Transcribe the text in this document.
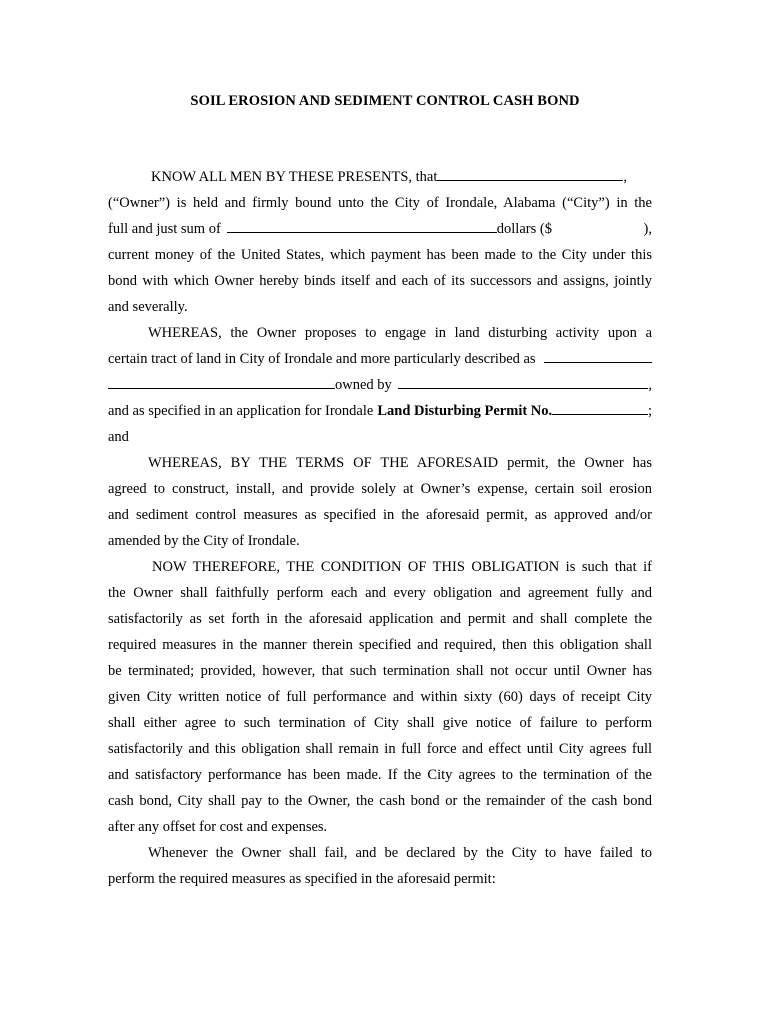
SOIL EROSION AND SEDIMENT CONTROL CASH BOND
KNOW ALL MEN BY THESE PRESENTS, that	,
(“Owner”) is held and firmly bound unto the City of Irondale, Alabama (“City”) in the
full and just sum of	dollars ($	),
current money of the United States, which payment has been made to the City under this
bond with which Owner hereby binds itself and each of its successors and assigns, jointly
and severally.
WHEREAS, the Owner proposes to engage in land disturbing activity upon a
certain tract of land in City of Irondale and more particularly described as
owned by	,
and as specified in an application for Irondale Land Disturbing Permit No.	;
and
WHEREAS, BY THE TERMS OF THE AFORESAID permit, the Owner has
agreed to construct, install, and provide solely at Owner’s expense, certain soil erosion
and sediment control measures as specified in the aforesaid permit, as approved and/or
amended by the City of Irondale.
NOW THEREFORE, THE CONDITION OF THIS OBLIGATION is such that if
the Owner shall faithfully perform each and every obligation and agreement fully and
satisfactorily as set forth in the aforesaid application and permit and shall complete the
required measures in the manner therein specified and required, then this obligation shall
be terminated; provided, however, that such termination shall not occur until Owner has
given City written notice of full performance and within sixty (60) days of receipt City
shall either agree to such termination of City shall give notice of failure to perform
satisfactorily and this obligation shall remain in full force and effect until City agrees full
and satisfactory performance has been made. If the City agrees to the termination of the
cash bond, City shall pay to the Owner, the cash bond or the remainder of the cash bond
after any offset for cost and expenses.
Whenever the Owner shall fail, and be declared by the City to have failed to
perform the required measures as specified in the aforesaid permit:
